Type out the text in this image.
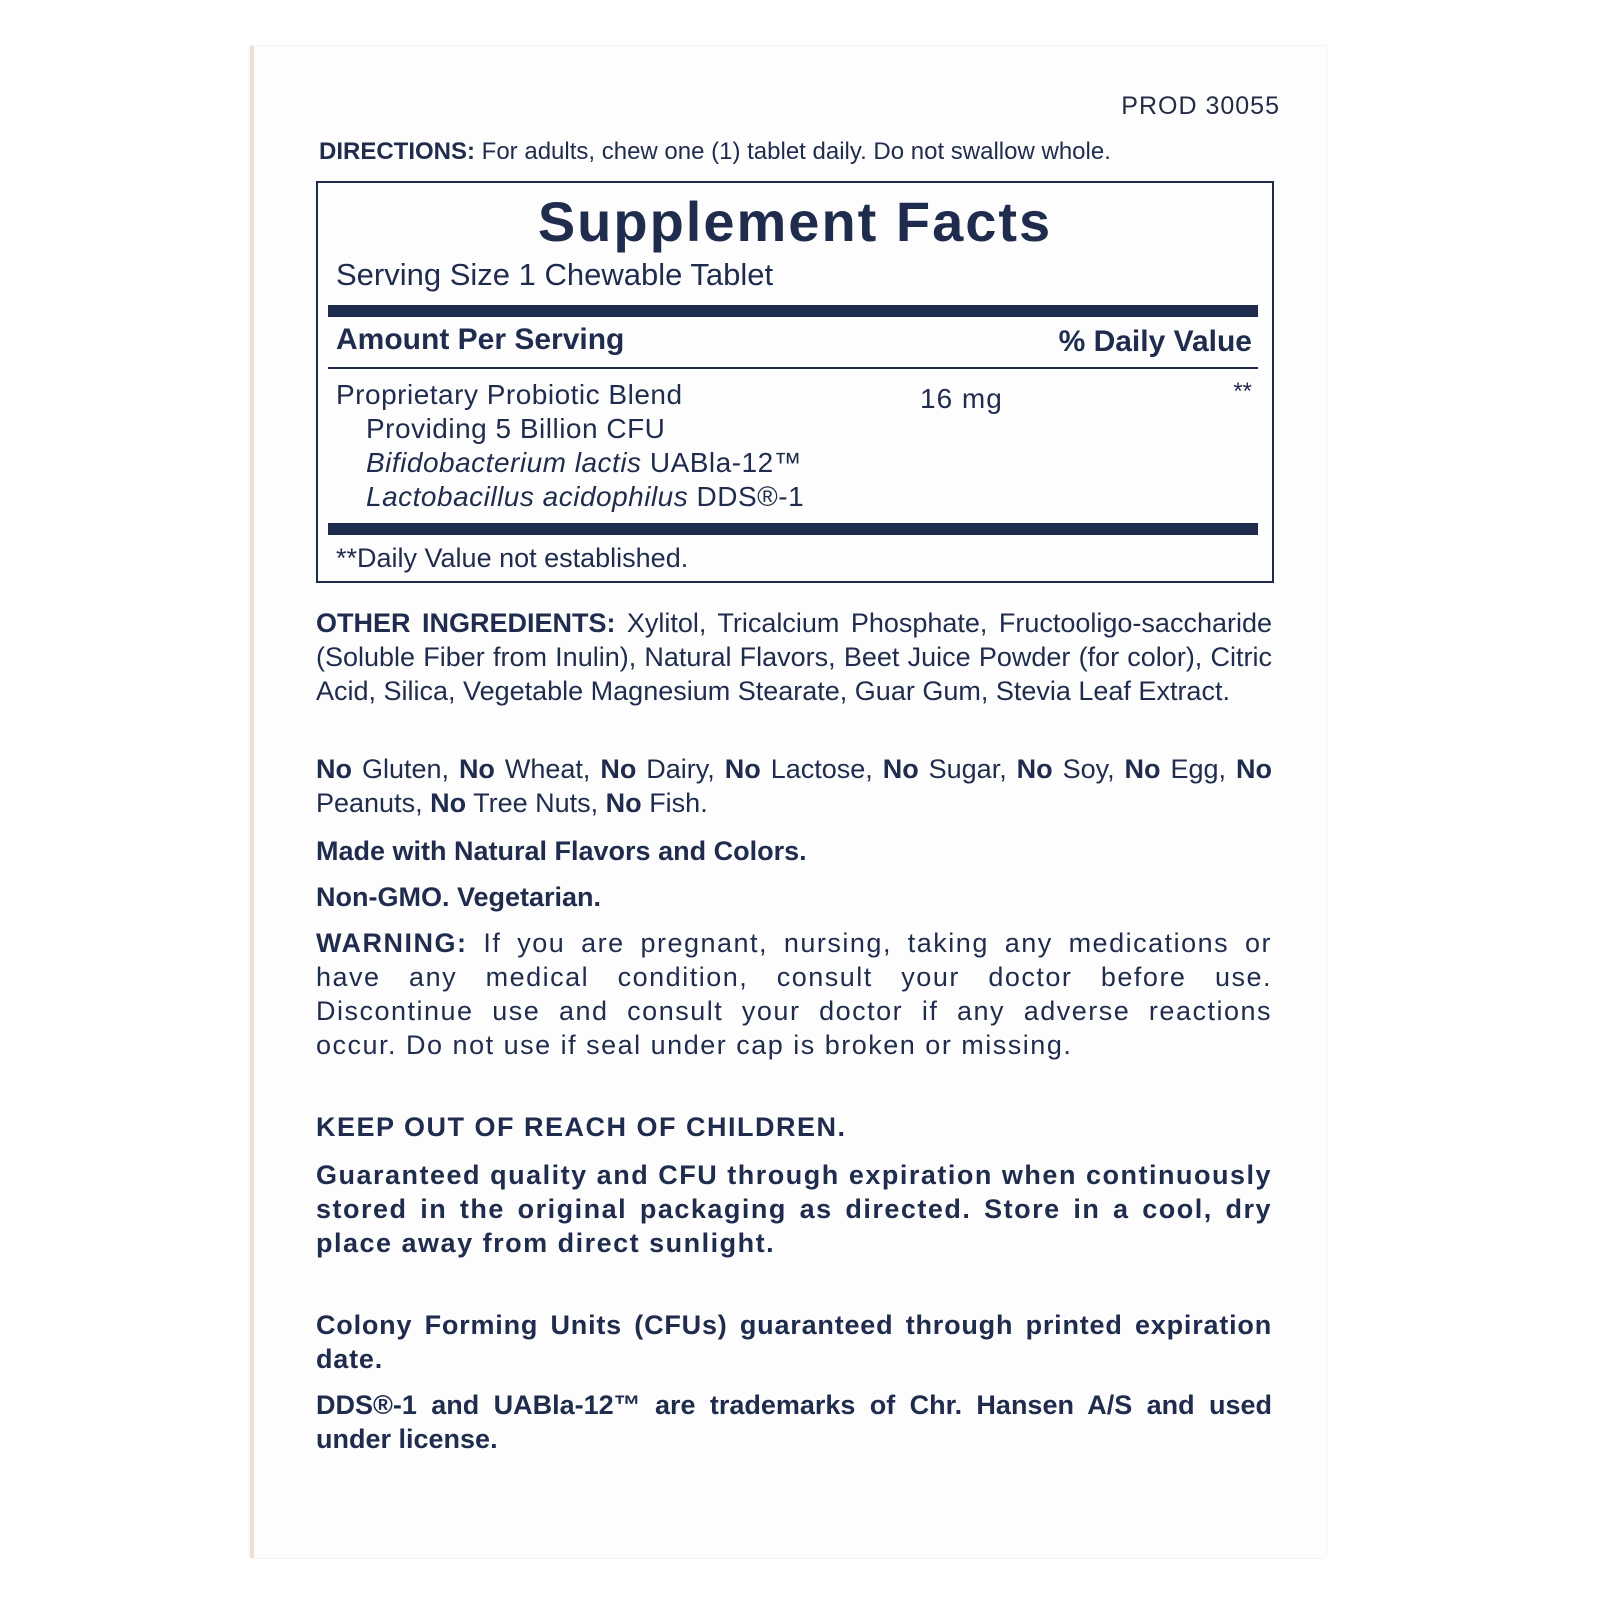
PROD 30055
DIRECTIONS: For adults, chew one (1) tablet daily. Do not swallow whole.
Supplement Facts
Serving Size 1 Chewable Tablet
Amount Per Serving	% Daily Value
Proprietary Probiotic Blend	16 mg	**
Providing 5 Billion CFU
Bifidobacterium lactis UABla-12™
Lactobacillus acidophilus DDS®-1
**Daily Value not established.
OTHER INGREDIENTS: Xylitol, Tricalcium Phosphate, Fructooligo-saccharide (Soluble Fiber from Inulin), Natural Flavors, Beet Juice Powder (for color), Citric Acid, Silica, Vegetable Magnesium Stearate, Guar Gum, Stevia Leaf Extract.
No Gluten, No Wheat, No Dairy, No Lactose, No Sugar, No Soy, No Egg, No Peanuts, No Tree Nuts, No Fish.
Made with Natural Flavors and Colors.
Non-GMO. Vegetarian.
WARNING: If you are pregnant, nursing, taking any medications or have any medical condition, consult your doctor before use. Discontinue use and consult your doctor if any adverse reactions occur. Do not use if seal under cap is broken or missing.
KEEP OUT OF REACH OF CHILDREN.
Guaranteed quality and CFU through expiration when continuously stored in the original packaging as directed. Store in a cool, dry place away from direct sunlight.
Colony Forming Units (CFUs) guaranteed through printed expiration date.
DDS®-1 and UABla-12™ are trademarks of Chr. Hansen A/S and used under license.
